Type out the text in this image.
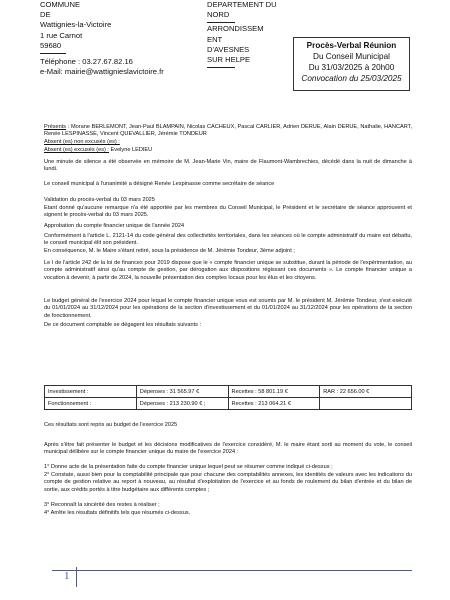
COMMUNE
DE
Wattignies-la-Victoire
1 rue Carnot
59680
Téléphone : 03.27.67.82.16
e-Mail: mairie@wattignieslavictoire.fr
DEPARTEMENT DU NORD
ARRONDISSEM
ENT
D'AVESNES
SUR HELPE
Procès-Verbal Réunion
Du Conseil Municipal
Du 31/03/2025 à 20h00
Convocation du 25/03/2025
Présents : Morane BERLEMONT, Jean-Paul BLAMPAIN, Nicolas CACHEUX, Pascal CARLIER, Adrien DERUE, Alain DERUE, Nathalie, HANCART, Renée LESPINASSE, Vincent QUEVALLIER, Jérémie TONDEUR
Absent (es) non excusés (es) :
Absent (es) excusés (es) : Evelyne LEDIEU
Une minute de silence a été observée en mémoire de M. Jean-Marie Vin, maire de Flaumont-Wambrechies, décédé dans la nuit de dimanche à lundi.
Le conseil municipal à l'unanimité a désigné Renée Lespinasse comme secrétaire de séance
Validation du procès-verbal du 03 mars 2025
Etant donné qu'aucune remarque n'a été apportée par les membres du Conseil Municipal, le Président et le secrétaire de séance approuvent et signent le procès-verbal du 03 mars 2025.
Approbation du compte financier unique de l'année 2024
Conformément à l'article L. 2121-14 du code général des collectivités territoriales, dans les séances où le compte administratif du maire est débattu, le conseil municipal élit son président.
En conséquence, M. le Maire s'étant retiré, sous la présidence de M. Jérémie Tondeur, 3ème adjoint ;
Le I de l'article 242 de la loi de finances pour 2019 dispose que le « compte financier unique se substitue, durant la période de l'expérimentation, au compte administratif ainsi qu'au compte de gestion, par dérogation aux dispositions régissant ces documents ». Le compte financier unique a vocation à devenir, à partir de 2024, la nouvelle présentation des comptes locaux pour les élus et les citoyens.
Le budget général de l'exercice 2024 pour lequel le compte financier unique vous est soumis par M. le président M. Jérémie Tondeur, s'est exécuté du 01/01/2024 au 31/12/2024 pour les opérations de la section d'investissement et du 01/01/2024 au 31/12/2024 pour les opérations de la section de fonctionnement.
De ce document comptable se dégagent les résultats suivants :
Investissement :	Dépenses : 31 565.97 €	Recettes : 58 801.19 €	RAR : 22 656.00 €
Fonctionnement :	Dépenses : 213 230.90 € ;	Recettes : 213 064.21 €	
Ces résultats sont repris au budget de l'exercice 2025
Après s'être fait présenter le budget et les décisions modificatives de l'exercice considéré, M. le maire étant sorti au moment du vote, le conseil municipal délibère sur le compte financier unique du maire de l'exercice 2024 :
1° Donne acte de la présentation faite du compte financier unique lequel peut se résumer comme indiqué ci-dessus ;
2° Constate, aussi bien pour la comptabilité principale que pour chacune des comptabilités annexes, les identités de valeurs avec les indications du compte de gestion relative au report à nouveau, au résultat d'exploitation de l'exercice et au fonds de roulement du bilan d'entrée et du bilan de sortie, aux crédits portés à titre budgétaire aux différents comptes ;
3° Reconnaît la sincérité des restes à réaliser ;
4° Arrête les résultats définitifs tels que résumés ci-dessus.
1
